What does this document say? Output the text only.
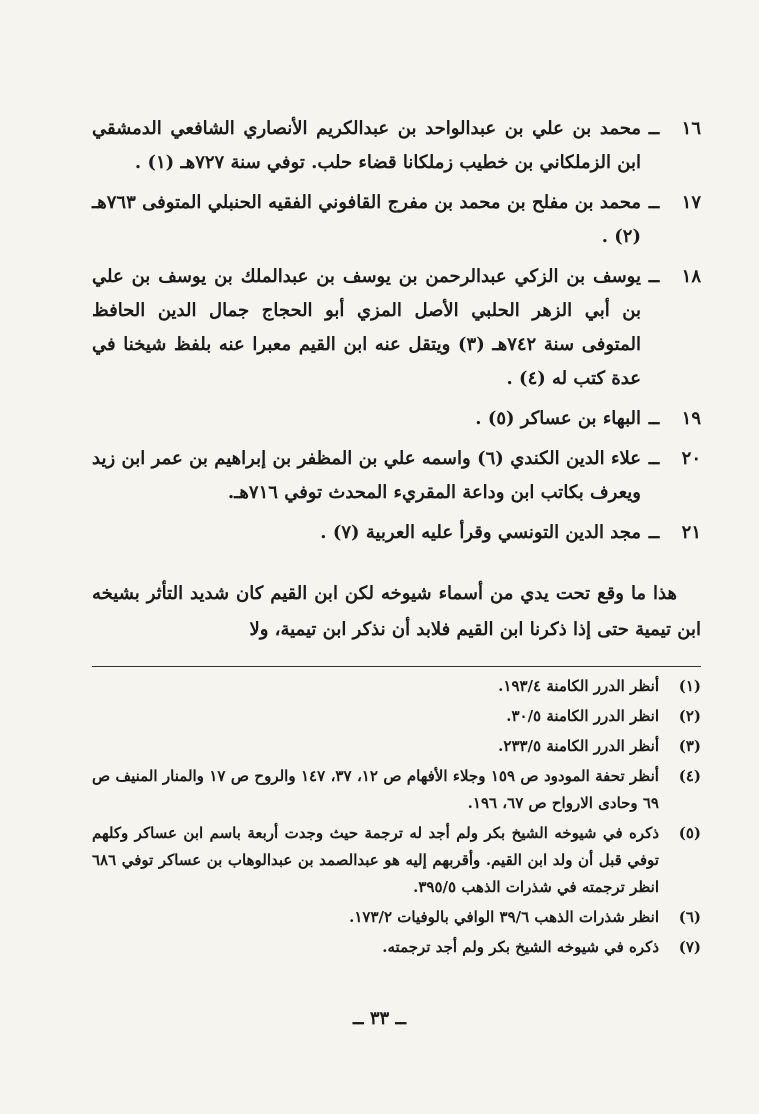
١٦
ــ
محمد بن علي بن عبدالواحد بن عبدالكريم الأنصاري الشافعي الدمشقي ابن الزملكاني بن خطيب زملكانا قضاء حلب. توفي سنة ٧٢٧هـ (١) .
١٧
ــ
محمد بن مفلح بن محمد بن مفرج القافوني الفقيه الحنبلي المتوفى ٧٦٣هـ (٢) .
١٨
ــ
يوسف بن الزكي عبدالرحمن بن يوسف بن عبدالملك بن يوسف بن علي بن أبي الزهر الحلبي الأصل المزي أبو الحجاج جمال الدين الحافظ المتوفى سنة ٧٤٢هـ (٣) ويتقل عنه ابن القيم معبرا عنه بلفظ شيخنا في عدة كتب له (٤) .
١٩
ــ
البهاء بن عساكر (٥) .
٢٠
ــ
علاء الدين الكندي (٦) واسمه علي بن المظفر بن إبراهيم بن عمر ابن زيد ويعرف بكاتب ابن وداعة المقريء المحدث توفي ٧١٦هـ.
٢١
ــ
مجد الدين التونسي وقرأ عليه العربية (٧) .

هذا ما وقع تحت يدي من أسماء شيوخه لكن ابن القيم كان شديد التأثر بشيخه ابن تيمية حتى إذا ذكرنا ابن القيم فلابد أن نذكر ابن تيمية، ولا

(١)
أنظر الدرر الكامنة ١٩٣/٤.
(٢)
انظر الدرر الكامنة ٣٠/٥.
(٣)
أنظر الدرر الكامنة ٢٣٣/٥.
(٤)
أنظر تحفة المودود ص ١٥٩ وجلاء الأفهام ص ١٢، ٣٧، ١٤٧ والروح ص ١٧ والمنار المنيف ص ٦٩ وحادى الارواح ص ٦٧، ١٩٦.
(٥)
ذكره في شيوخه الشيخ بكر ولم أجد له ترجمة حيث وجدت أربعة باسم ابن عساكر وكلهم توفي قبل أن ولد ابن القيم. وأقربهم إليه هو عبدالصمد بن عبدالوهاب بن عساكر توفي ٦٨٦ انظر ترجمته في شذرات الذهب ٣٩٥/٥.
(٦)
انظر شذرات الذهب ٣٩/٦ الوافي بالوفيات ١٧٣/٢.
(٧)
ذكره في شيوخه الشيخ بكر ولم أجد ترجمته.
ــ ٣٣ ــ
